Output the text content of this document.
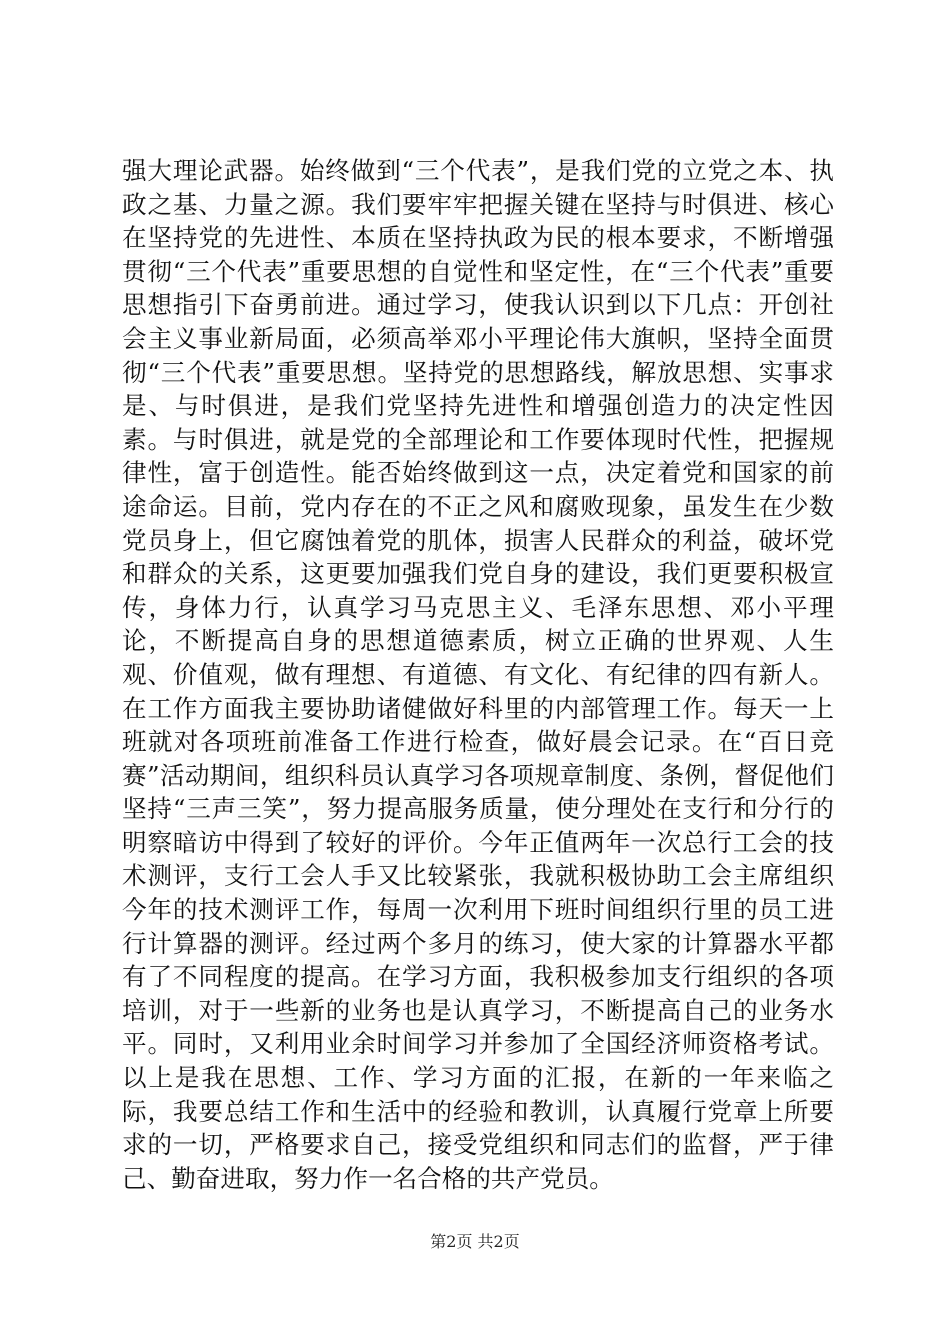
强大理论武器。始终做到“三个代表”，是我们党的立党之本、执政之基、力量之源。我们要牢牢把握关键在坚持与时俱进、核心在坚持党的先进性、本质在坚持执政为民的根本要求，不断增强贯彻“三个代表”重要思想的自觉性和坚定性，在“三个代表”重要思想指引下奋勇前进。通过学习，使我认识到以下几点：开创社会主义事业新局面，必须高举邓小平理论伟大旗帜，坚持全面贯彻“三个代表”重要思想。坚持党的思想路线，解放思想、实事求是、与时俱进，是我们党坚持先进性和增强创造力的决定性因素。与时俱进，就是党的全部理论和工作要体现时代性，把握规律性，富于创造性。能否始终做到这一点，决定着党和国家的前途命运。目前，党内存在的不正之风和腐败现象，虽发生在少数党员身上，但它腐蚀着党的肌体，损害人民群众的利益，破坏党和群众的关系，这更要加强我们党自身的建设，我们更要积极宣传，身体力行，认真学习马克思主义、毛泽东思想、邓小平理论，不断提高自身的思想道德素质，树立正确的世界观、人生观、价值观，做有理想、有道德、有文化、有纪律的四有新人。在工作方面我主要协助诸健做好科里的内部管理工作。每天一上班就对各项班前准备工作进行检查，做好晨会记录。在“百日竞赛”活动期间，组织科员认真学习各项规章制度、条例，督促他们坚持“三声三笑”，努力提高服务质量，使分理处在支行和分行的明察暗访中得到了较好的评价。今年正值两年一次总行工会的技术测评，支行工会人手又比较紧张，我就积极协助工会主席组织今年的技术测评工作，每周一次利用下班时间组织行里的员工进行计算器的测评。经过两个多月的练习，使大家的计算器水平都有了不同程度的提高。在学习方面，我积极参加支行组织的各项培训，对于一些新的业务也是认真学习，不断提高自己的业务水平。同时，又利用业余时间学习并参加了全国经济师资格考试。以上是我在思想、工作、学习方面的汇报，在新的一年来临之际，我要总结工作和生活中的经验和教训，认真履行党章上所要求的一切，严格要求自己，接受党组织和同志们的监督，严于律己、勤奋进取，努力作一名合格的共产党员。

第2页 共2页
